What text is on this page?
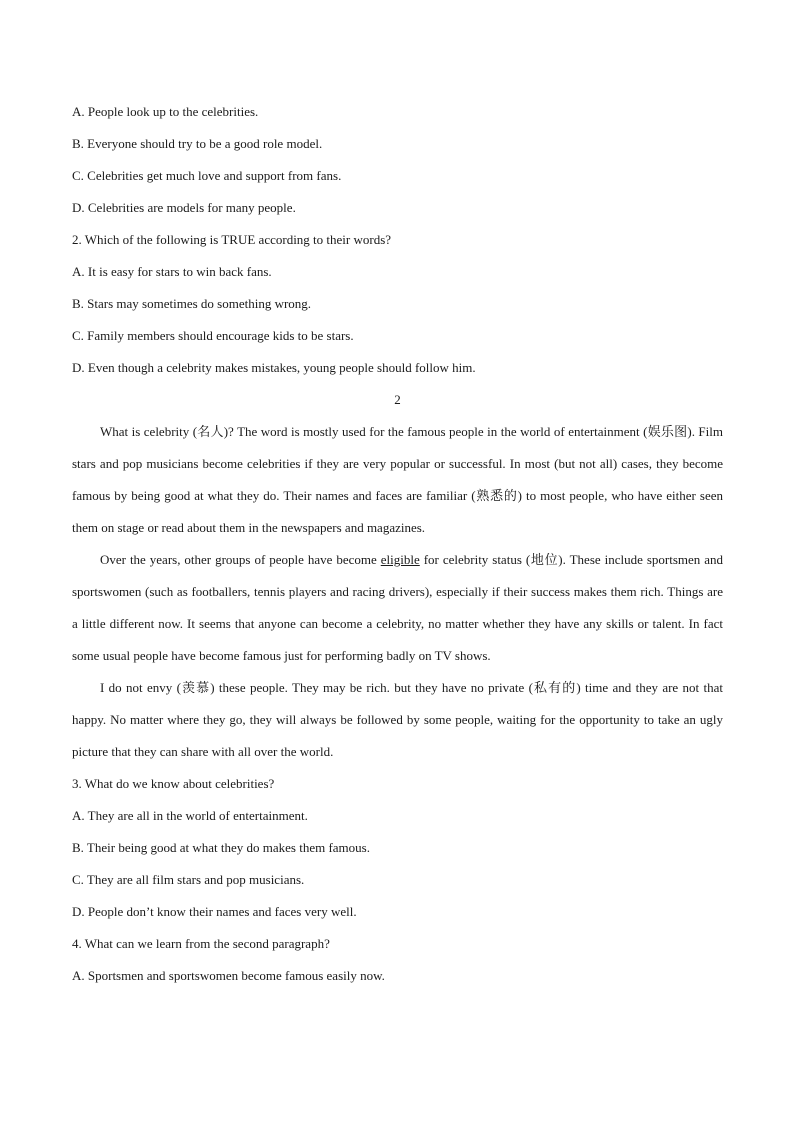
A. People look up to the celebrities.
B. Everyone should try to be a good role model.
C. Celebrities get much love and support from fans.
D. Celebrities are models for many people.
2. Which of the following is TRUE according to their words?
A. It is easy for stars to win back fans.
B. Stars may sometimes do something wrong.
C. Family members should encourage kids to be stars.
D. Even though a celebrity makes mistakes, young people should follow him.
2
What is celebrity (名人)? The word is mostly used for the famous people in the world of entertainment (娱乐图). Film stars and pop musicians become celebrities if they are very popular or successful. In most (but not all) cases, they become famous by being good at what they do. Their names and faces are familiar (熟悉的) to most people, who have either seen them on stage or read about them in the newspapers and magazines.
Over the years, other groups of people have become eligible for celebrity status (地位). These include sportsmen and sportswomen (such as footballers, tennis players and racing drivers), especially if their success makes them rich. Things are a little different now. It seems that anyone can become a celebrity, no matter whether they have any skills or talent. In fact some usual people have become famous just for performing badly on TV shows.
I do not envy (羡慕) these people. They may be rich. but they have no private (私有的) time and they are not that happy. No matter where they go, they will always be followed by some people, waiting for the opportunity to take an ugly picture that they can share with all over the world.
3. What do we know about celebrities?
A. They are all in the world of entertainment.
B. Their being good at what they do makes them famous.
C. They are all film stars and pop musicians.
D. People don’t know their names and faces very well.
4. What can we learn from the second paragraph?
A. Sportsmen and sportswomen become famous easily now.
